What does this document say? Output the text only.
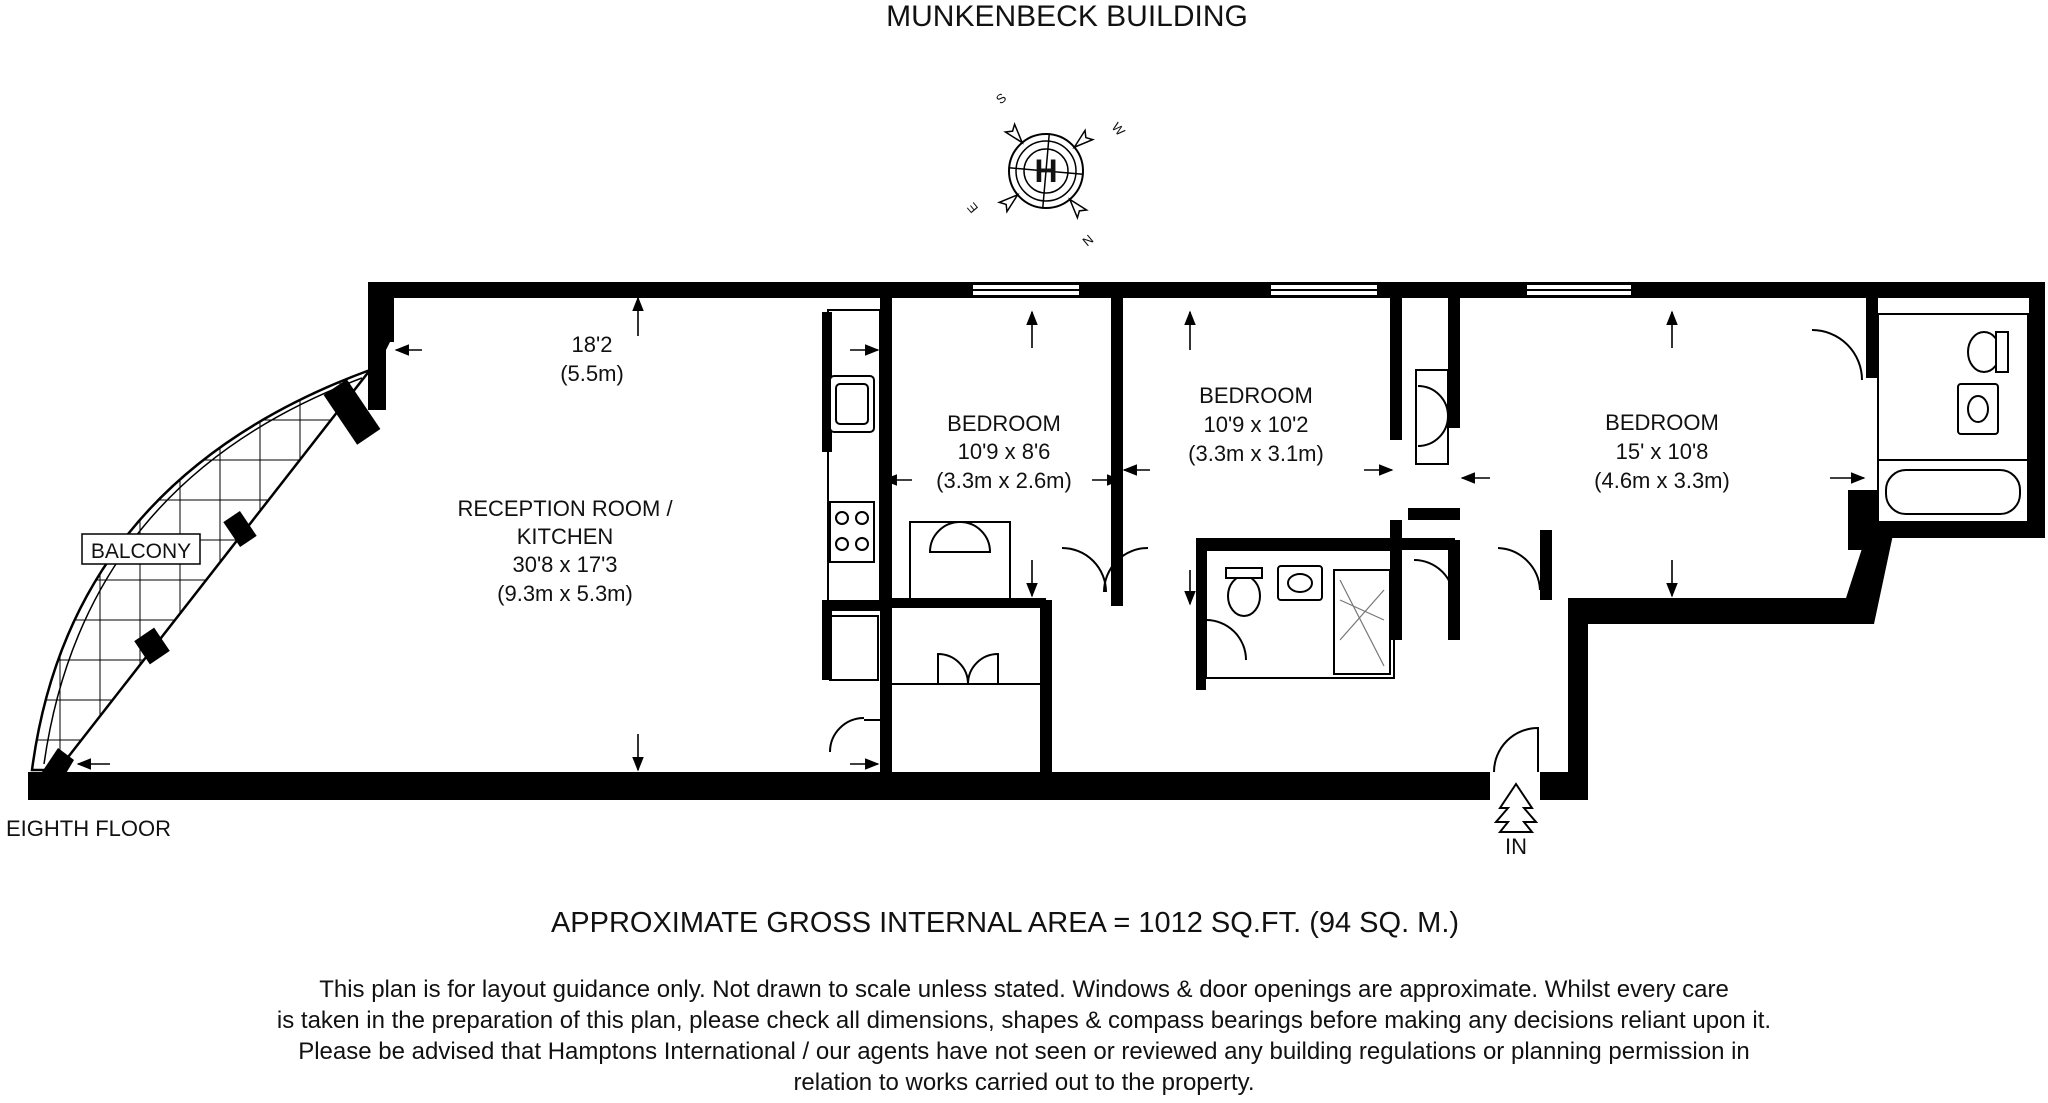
MUNKENBECK BUILDING
H
S
W
E
N
BALCONY
RECEPTION ROOM /
KITCHEN
30'8 x 17'3
(9.3m x 5.3m)
18'2
(5.5m)
BEDROOM
10'9 x 8'6
(3.3m x 2.6m)
BEDROOM
10'9 x 10'2
(3.3m x 3.1m)
BEDROOM
15' x 10'8
(4.6m x 3.3m)
IN
EIGHTH FLOOR
APPROXIMATE GROSS INTERNAL AREA = 1012 SQ.FT. (94 SQ. M.)
This plan is for layout guidance only. Not drawn to scale unless stated. Windows & door openings are approximate. Whilst every care
is taken in the preparation of this plan, please check all dimensions, shapes & compass bearings before making any decisions reliant upon it.
Please be advised that Hamptons International / our agents have not seen or reviewed any building regulations or planning permission in
relation to works carried out to the property.
